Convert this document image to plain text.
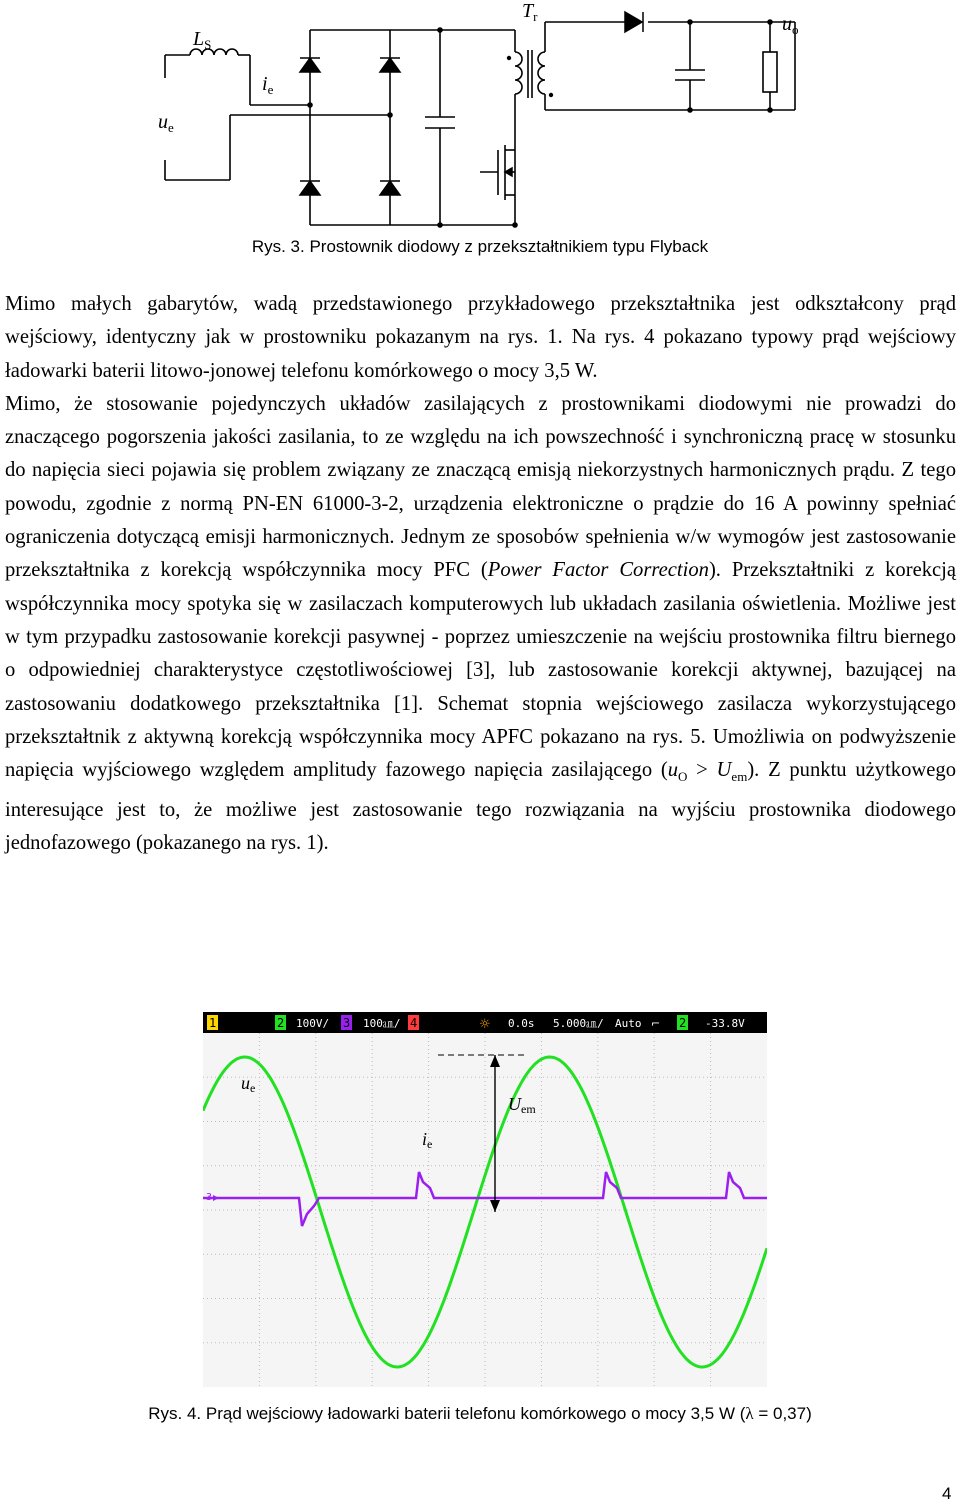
$L_S$
$i_e$
$u_e$
$T_r$	$u_o$
Rys. 3. Prostownik diodowy z przekształtnikiem typu Flyback

Mimo małych gabarytów, wadą przedstawionego przykładowego przekształtnika jest odkształcony prąd wejściowy, identyczny jak w prostowniku pokazanym na rys. 1. Na rys. 4 pokazano typowy prąd wejściowy ładowarki baterii litowo-jonowej telefonu komórkowego o mocy 3,5 W.

Mimo, że stosowanie pojedynczych układów zasilających z prostownikami diodowymi nie prowadzi do znaczącego pogorszenia jakości zasilania, to ze względu na ich powszechność i synchroniczną pracę w stosunku do napięcia sieci pojawia się problem związany ze znaczącą emisją niekorzystnych harmonicznych prądu. Z tego powodu, zgodnie z normą PN-EN 61000-3-2, urządzenia elektroniczne o prądzie do 16 A powinny spełniać ograniczenia dotyczącą emisji harmonicznych. Jednym ze sposobów spełnienia w/w wymogów jest zastosowanie przekształtnika z korekcją współczynnika mocy PFC (Power Factor Correction). Przekształtniki z korekcją współczynnika mocy spotyka się w zasilaczach komputerowych lub układach zasilania oświetlenia. Możliwe jest w tym przypadku zastosowanie korekcji pasywnej - poprzez umieszczenie na wejściu prostownika filtru biernego o odpowiedniej charakterystyce częstotliwościowej [3], lub zastosowanie korekcji aktywnej, bazującej na zastosowaniu dodatkowego przekształtnika [1]. Schemat stopnia wejściowego zasilacza wykorzystującego przekształtnik z aktywną korekcją współczynnika mocy APFC pokazano na rys. 5. Umożliwia on podwyższenie napięcia wyjściowego względem amplitudy fazowego napięcia zasilającego $(u_O > U_{em})$. Z punktu użytkowego interesujące jest to, że możliwe jest zastosowanie tego rozwiązania na wyjściu prostownika diodowego jednofazowego (pokazanego na rys. 1).

1	2 100V/ 3 100㏂/ 4	☼ 0.0s 5.000㏂/ Auto ⌐ 2 -33.8V
ue
Uem
ie
3
Rys. 4. Prąd wejściowy ładowarki baterii telefonu komórkowego o mocy 3,5 W (λ = 0,37)
4
